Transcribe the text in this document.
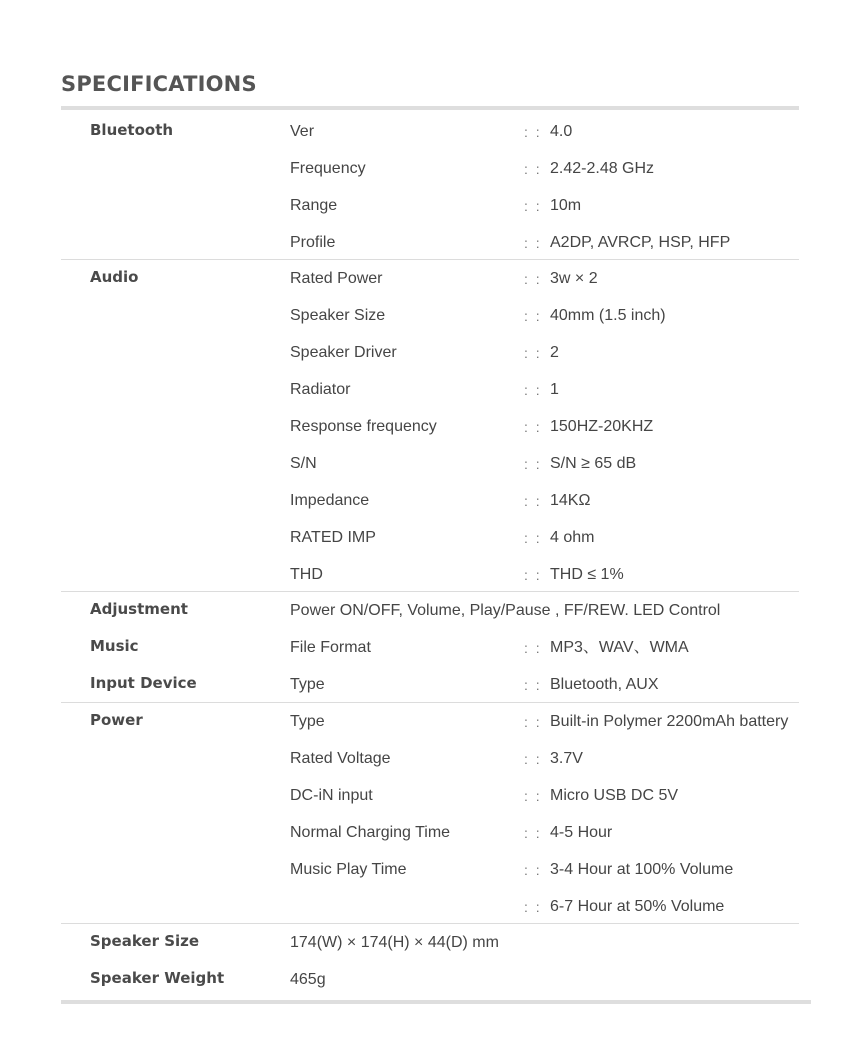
SPECIFICATIONS
Bluetooth	Ver	: : 4.0
Frequency	: : 2.42-2.48 GHz
Range	: : 10m
Profile	: : A2DP, AVRCP, HSP, HFP
Audio	Rated Power	: : 3w × 2
Speaker Size	: : 40mm (1.5 inch)
Speaker Driver	: : 2
Radiator	: : 1
Response frequency	: : 150HZ-20KHZ
S/N	: : S/N ≥ 65 dB
Impedance	: : 14KΩ
RATED IMP	: : 4 ohm
THD	: : THD ≤ 1%
Adjustment	Power ON/OFF, Volume, Play/Pause , FF/REW. LED Control
Music	File Format	: : MP3、WAV、WMA
Input Device	Type	: : Bluetooth, AUX
Power	Type	: : Built-in Polymer 2200mAh battery
Rated Voltage	: : 3.7V
DC-iN input	: : Micro USB DC 5V
Normal Charging Time	: : 4-5 Hour
Music Play Time	: : 3-4 Hour at 100% Volume
: : 6-7 Hour at 50% Volume
Speaker Size	174(W) × 174(H) × 44(D) mm
Speaker Weight	465g
